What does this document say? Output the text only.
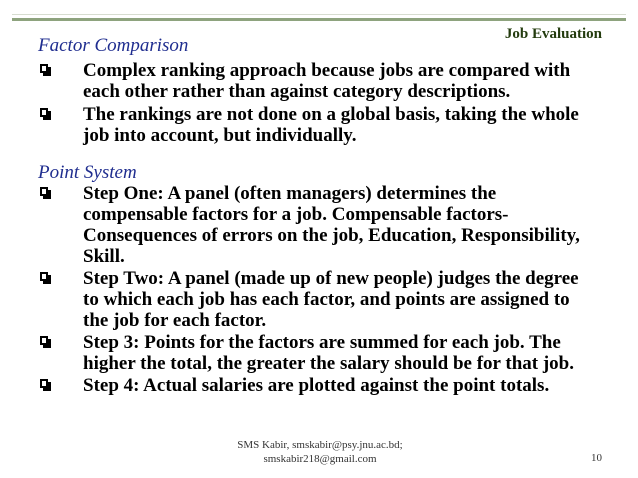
Job Evaluation
Factor Comparison
Complex ranking approach because jobs are compared with each other rather than against category descriptions.
The rankings are not done on a global basis, taking the whole job into account, but individually.
Point System
Step One: A panel (often managers) determines the compensable factors for a job. Compensable factors-Consequences of errors on the job, Education, Responsibility, Skill.
Step Two: A panel (made up of new people) judges the degree to which each job has each factor, and points are assigned to the job for each factor.
Step 3: Points for the factors are summed for each job. The higher the total, the greater the salary should be for that job.
Step 4: Actual salaries are plotted against the point totals.
SMS Kabir, smskabir@psy.jnu.ac.bd;
smskabir218@gmail.com	10
